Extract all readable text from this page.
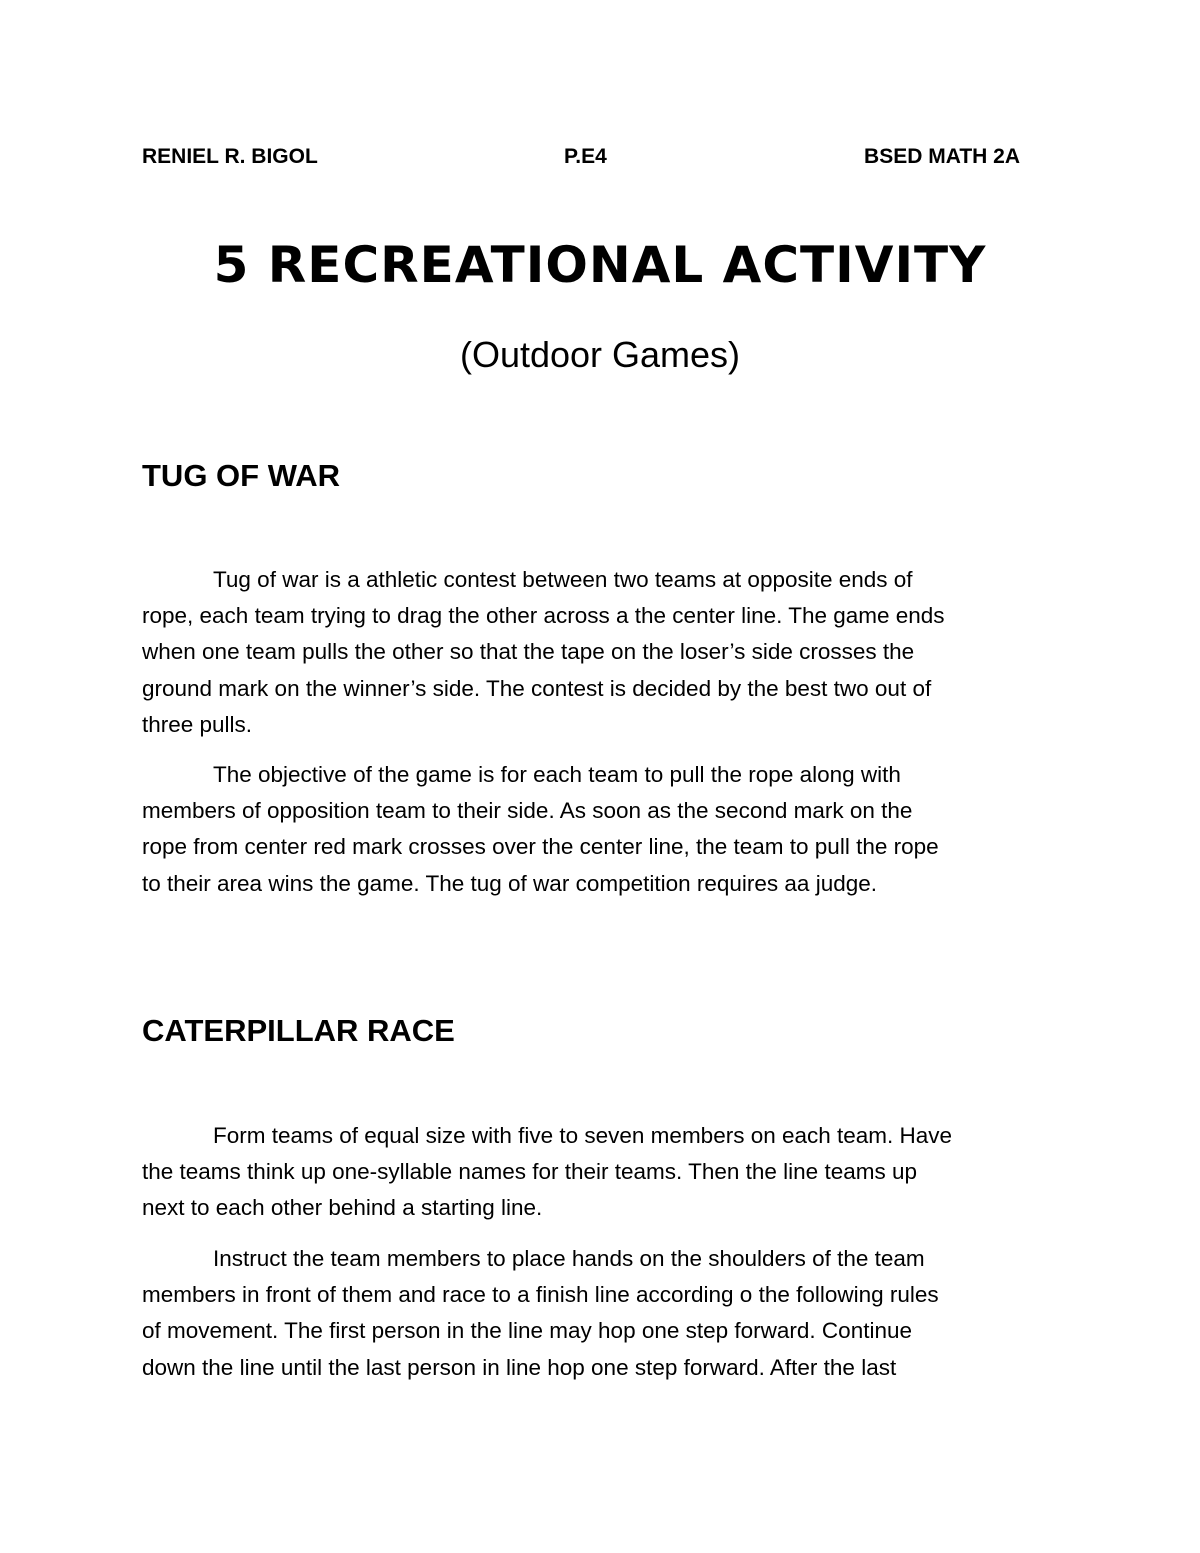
RENIEL R. BIGOL	P.E4	BSED MATH 2A
5 RECREATIONAL ACTIVITY
(Outdoor Games)
TUG OF WAR

Tug of war is a athletic contest between two teams at opposite ends of
rope, each team trying to drag the other across a the center line. The game ends
when one team pulls the other so that the tape on the loser’s side crosses the
ground mark on the winner’s side. The contest is decided by the best two out of
three pulls.

The objective of the game is for each team to pull the rope along with
members of opposition team to their side. As soon as the second mark on the
rope from center red mark crosses over the center line, the team to pull the rope
to their area wins the game. The tug of war competition requires aa judge.

CATERPILLAR RACE

Form teams of equal size with five to seven members on each team. Have
the teams think up one-syllable names for their teams. Then the line teams up
next to each other behind a starting line.

Instruct the team members to place hands on the shoulders of the team
members in front of them and race to a finish line according o the following rules
of movement. The first person in the line may hop one step forward. Continue
down the line until the last person in line hop one step forward. After the last
